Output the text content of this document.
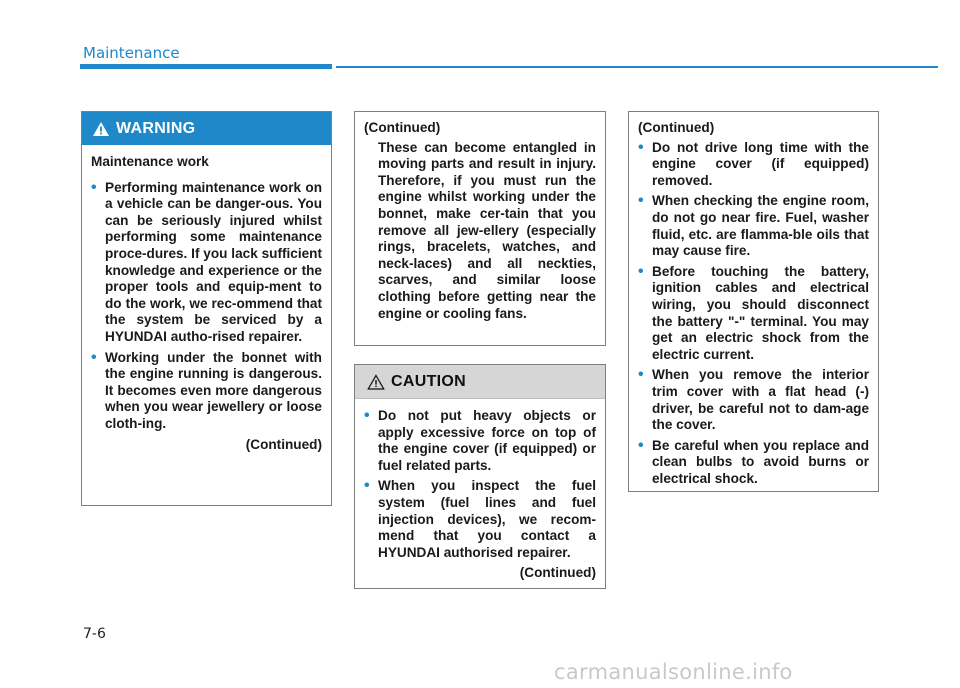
Maintenance
WARNING
Maintenance work
• Performing maintenance work on a vehicle can be danger-ous. You can be seriously injured whilst performing some maintenance proce-dures. If you lack sufficient knowledge and experience or the proper tools and equip-ment to do the work, we rec-ommend that the system be serviced by a HYUNDAI autho-rised repairer.
• Working under the bonnet with the engine running is dangerous. It becomes even more dangerous when you wear jewellery or loose cloth-ing.
(Continued)
(Continued)
These can become entangled in moving parts and result in injury. Therefore, if you must run the engine whilst working under the bonnet, make cer-tain that you remove all jew-ellery (especially rings, bracelets, watches, and neck-laces) and all neckties, scarves, and similar loose clothing before getting near the engine or cooling fans.
CAUTION
• Do not put heavy objects or apply excessive force on top of the engine cover (if equipped) or fuel related parts.
• When you inspect the fuel system (fuel lines and fuel injection devices), we recom-mend that you contact a HYUNDAI authorised repairer.
(Continued)
(Continued)
• Do not drive long time with the engine cover (if equipped) removed.
• When checking the engine room, do not go near fire. Fuel, washer fluid, etc. are flamma-ble oils that may cause fire.
• Before touching the battery, ignition cables and electrical wiring, you should disconnect the battery "-" terminal. You may get an electric shock from the electric current.
• When you remove the interior trim cover with a flat head (-) driver, be careful not to dam-age the cover.
• Be careful when you replace and clean bulbs to avoid burns or electrical shock.
7-6
carmanualsonline.info
